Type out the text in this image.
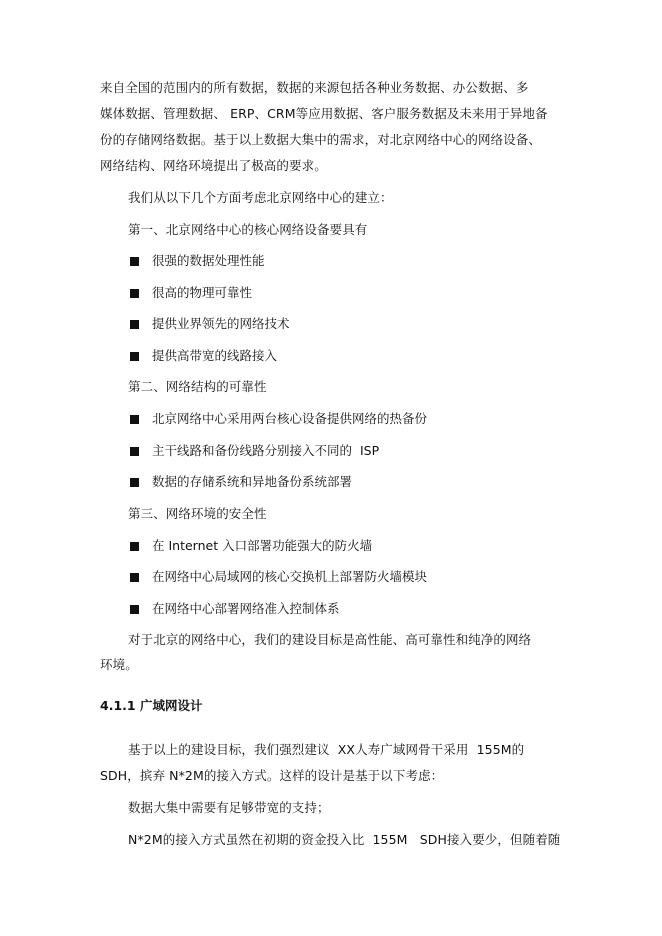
来自全国的范围内的所有数据，数据的来源包括各种业务数据、办公数据、多
媒体数据、管理数据、 ERP、CRM等应用数据、客户服务数据及未来用于异地备
份的存储网络数据。基于以上数据大集中的需求，对北京网络中心的网络设备、
网络结构、网络环境提出了极高的要求。
我们从以下几个方面考虑北京网络中心的建立：
第一、北京网络中心的核心网络设备要具有
很强的数据处理性能
很高的物理可靠性
提供业界领先的网络技术
提供高带宽的线路接入
第二、网络结构的可靠性
北京网络中心采用两台核心设备提供网络的热备份
主干线路和备份线路分别接入不同的  ISP
数据的存储系统和异地备份系统部署
第三、网络环境的安全性
在 Internet 入口部署功能强大的防火墙
在网络中心局域网的核心交换机上部署防火墙模块
在网络中心部署网络准入控制体系
对于北京的网络中心，我们的建设目标是高性能、高可靠性和纯净的网络
环境。
4.1.1 广域网设计
基于以上的建设目标，我们强烈建议  XX人寿广域网骨干采用  155M的
SDH，摈弃 N*2M的接入方式。这样的设计是基于以下考虑：
数据大集中需要有足够带宽的支持；
N*2M的接入方式虽然在初期的资金投入比  155M   SDH接入要少，但随着随
